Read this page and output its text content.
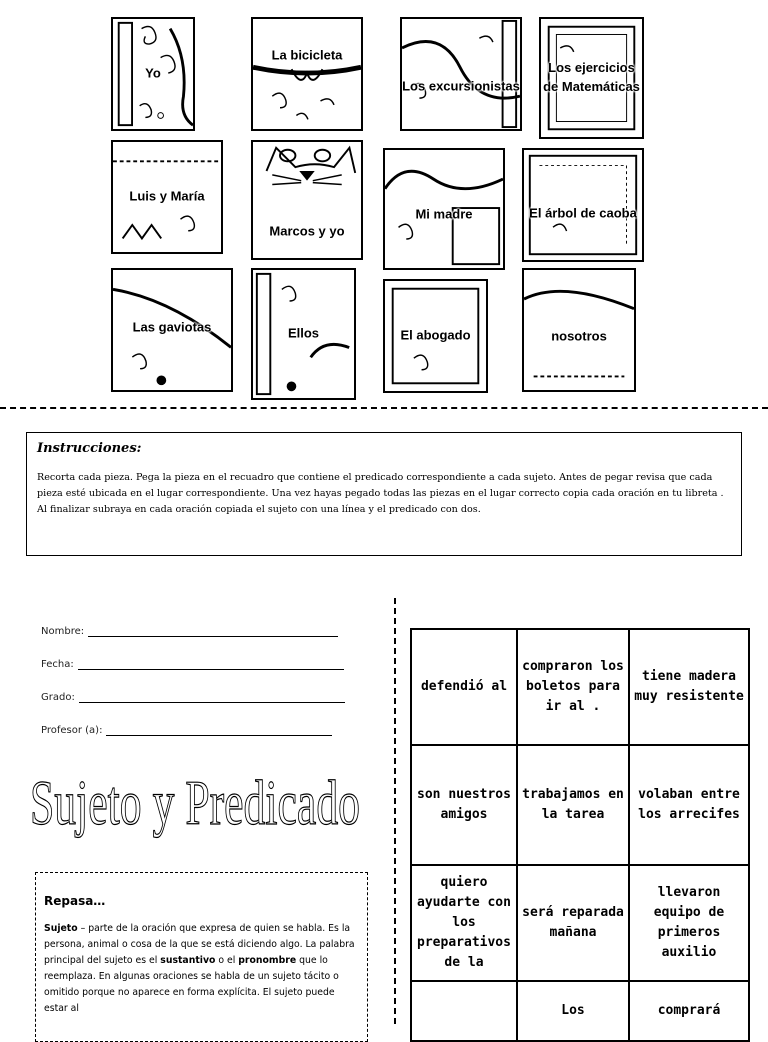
Yo
La bicicleta
Los excursionistas
Los ejercicios de Matemáticas
Luis y María
Marcos y yo
Mi madre	El árbol de caoba
Las gaviotas	Ellos	El abogado	nosotros
Instrucciones:

Recorta cada pieza. Pega la pieza en el recuadro que contiene el predicado correspondiente a cada sujeto. Antes de pegar revisa que cada pieza esté ubicada en el lugar correspondiente. Una vez hayas pegado todas las piezas en el lugar correcto copia cada oración en tu libreta . Al finalizar subraya en cada oración copiada el sujeto con una línea y el predicado con dos.

Nombre:
Fecha:
Grado:
Profesor (a):
Sujeto y Predicado
Repasa…
Sujeto – parte de la oración que expresa de quien se habla. Es la persona, animal o cosa de la que se está diciendo algo. La palabra principal del sujeto es el sustantivo o el pronombre que lo reemplaza. En algunas oraciones se habla de un sujeto tácito o omitido porque no aparece en forma explícita. El sujeto puede estar al
defendió al	compraron los boletos para ir al .	tiene madera muy resistente
son nuestros amigos	trabajamos en la tarea	volaban entre los arrecifes
quiero ayudarte con los preparativos de la	será reparada mañana	llevaron equipo de primeros auxilio
	Los	comprará
